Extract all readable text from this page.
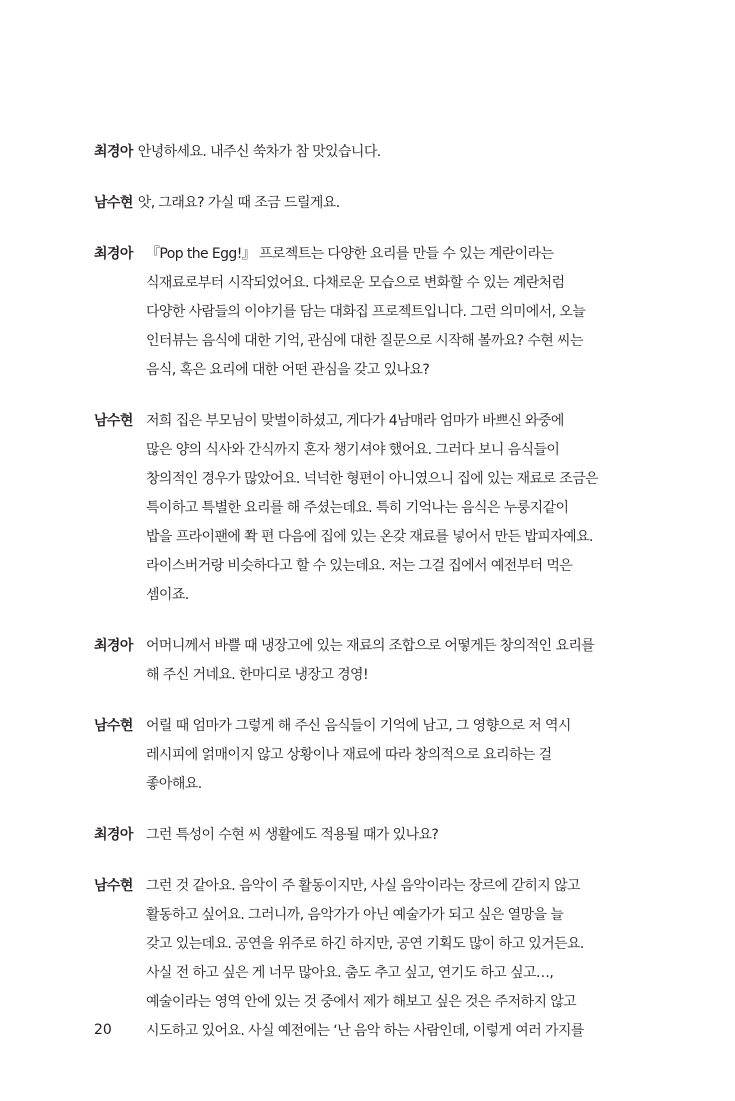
최경아 안녕하세요. 내주신 쑥차가 참 맛있습니다.
남수현 앗, 그래요? 가실 때 조금 드릴게요.
최경아 『Pop the Egg!』 프로젝트는 다양한 요리를 만들 수 있는 계란이라는
식재료로부터 시작되었어요. 다채로운 모습으로 변화할 수 있는 계란처럼
다양한 사람들의 이야기를 담는 대화집 프로젝트입니다. 그런 의미에서, 오늘
인터뷰는 음식에 대한 기억, 관심에 대한 질문으로 시작해 볼까요? 수현 씨는
음식, 혹은 요리에 대한 어떤 관심을 갖고 있나요?
남수현 저희 집은 부모님이 맞벌이하셨고, 게다가 4남매라 엄마가 바쁘신 와중에
많은 양의 식사와 간식까지 혼자 챙기셔야 했어요. 그러다 보니 음식들이
창의적인 경우가 많았어요. 넉넉한 형편이 아니였으니 집에 있는 재료로 조금은
특이하고 특별한 요리를 해 주셨는데요. 특히 기억나는 음식은 누룽지같이
밥을 프라이팬에 쫙 편 다음에 집에 있는 온갖 재료를 넣어서 만든 밥피자예요.
라이스버거랑 비슷하다고 할 수 있는데요. 저는 그걸 집에서 예전부터 먹은
셈이죠.
최경아 어머니께서 바쁠 때 냉장고에 있는 재료의 조합으로 어떻게든 창의적인 요리를
해 주신 거네요. 한마디로 냉장고 경영!
남수현 어릴 때 엄마가 그렇게 해 주신 음식들이 기억에 남고, 그 영향으로 저 역시
레시피에 얽매이지 않고 상황이나 재료에 따라 창의적으로 요리하는 걸
좋아해요.
최경아 그런 특성이 수현 씨 생활에도 적용될 때가 있나요?
남수현 그런 것 같아요. 음악이 주 활동이지만, 사실 음악이라는 장르에 갇히지 않고
활동하고 싶어요. 그러니까, 음악가가 아닌 예술가가 되고 싶은 열망을 늘
갖고 있는데요. 공연을 위주로 하긴 하지만, 공연 기획도 많이 하고 있거든요.
사실 전 하고 싶은 게 너무 많아요. 춤도 추고 싶고, 연기도 하고 싶고…,
예술이라는 영역 안에 있는 것 중에서 제가 해보고 싶은 것은 주저하지 않고
시도하고 있어요. 사실 예전에는 ‘난 음악 하는 사람인데, 이렇게 여러 가지를
20
